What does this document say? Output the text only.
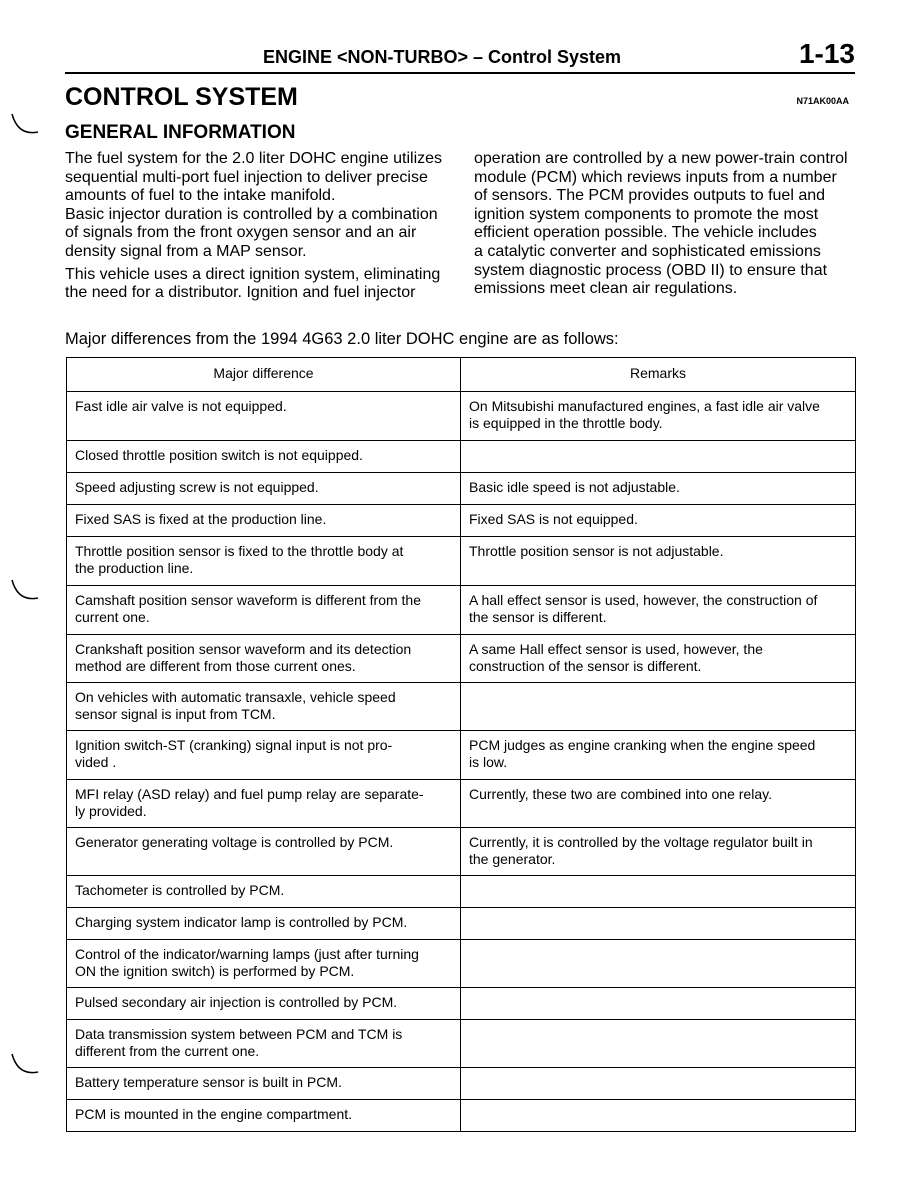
ENGINE <NON-TURBO> – Control System	1-13
CONTROL SYSTEM	N71AK00AA
GENERAL INFORMATION

The fuel system for the 2.0 liter DOHC engine utilizes

sequential multi-port fuel injection to deliver precise

amounts of fuel to the intake manifold.

Basic injector duration is controlled by a combination

of signals from the front oxygen sensor and an air

density signal from a MAP sensor.

This vehicle uses a direct ignition system, eliminating

the need for a distributor. Ignition and fuel injector

operation are controlled by a new power-train control

module (PCM) which reviews inputs from a number

of sensors. The PCM provides outputs to fuel and

ignition system components to promote the most

efficient operation possible. The vehicle includes

a catalytic converter and sophisticated emissions

system diagnostic process (OBD II) to ensure that

emissions meet clean air regulations.

Major differences from the 1994 4G63 2.0 liter DOHC engine are as follows:
Major difference	Remarks

Fast idle air valve is not equipped.	On Mitsubishi manufactured engines, a fast idle air valve
is equipped in the throttle body.

Closed throttle position switch is not equipped.	

Speed adjusting screw is not equipped.	Basic idle speed is not adjustable.

Fixed SAS is fixed at the production line.	Fixed SAS is not equipped.

Throttle position sensor is fixed to the throttle body at
the production line.	Throttle position sensor is not adjustable.

Camshaft position sensor waveform is different from the
current one.	A hall effect sensor is used, however, the construction of
the sensor is different.

Crankshaft position sensor waveform and its detection
method are different from those current ones.	A same Hall effect sensor is used, however, the
construction of the sensor is different.

On vehicles with automatic transaxle, vehicle speed
sensor signal is input from TCM.	

Ignition switch-ST (cranking) signal input is not pro-
vided .	PCM judges as engine cranking when the engine speed
is low.

MFI relay (ASD relay) and fuel pump relay are separate-
ly provided.	Currently, these two are combined into one relay.

Generator generating voltage is controlled by PCM.	Currently, it is controlled by the voltage regulator built in
the generator.

Tachometer is controlled by PCM.	

Charging system indicator lamp is controlled by PCM.	

Control of the indicator/warning lamps (just after turning
ON the ignition switch) is performed by PCM.	

Pulsed secondary air injection is controlled by PCM.	

Data transmission system between PCM and TCM is
different from the current one.	

Battery temperature sensor is built in PCM.	

PCM is mounted in the engine compartment.	
